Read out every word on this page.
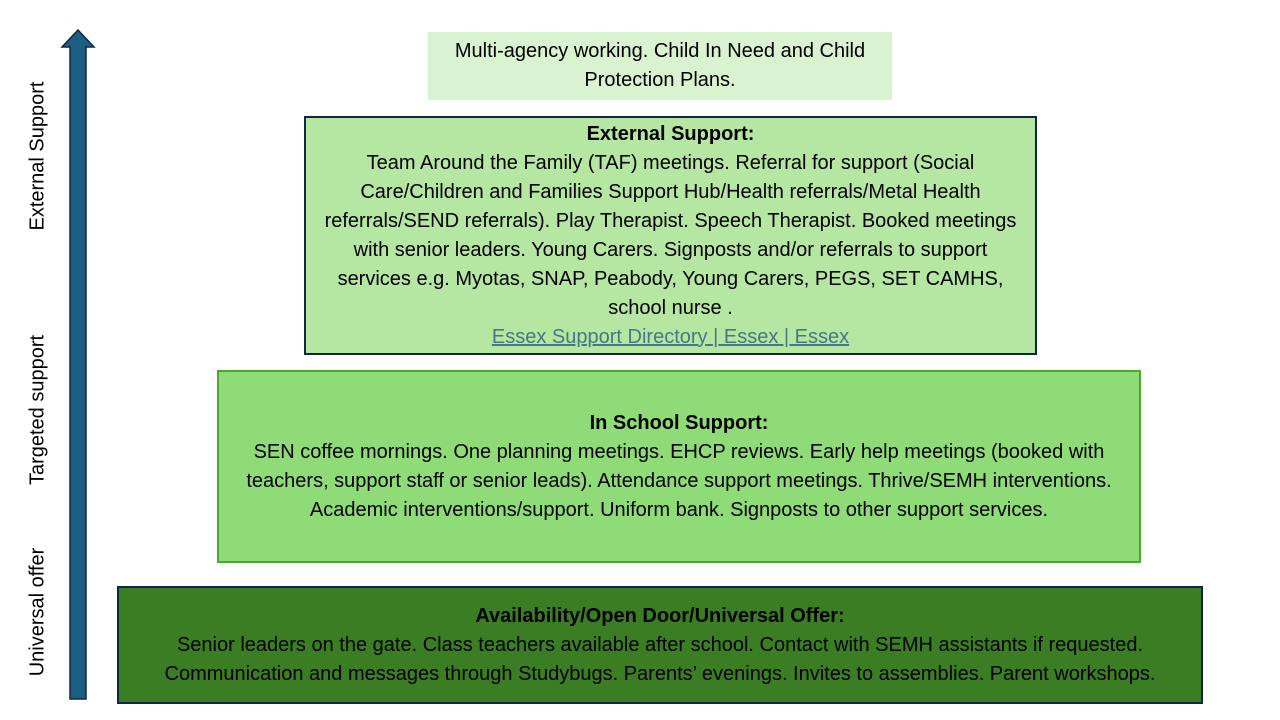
External Support
Targeted support
Universal offer
Multi-agency working. Child In Need and Child Protection Plans.
External Support:
Team Around the Family (TAF) meetings. Referral for support (Social Care/Children and Families Support Hub/Health referrals/Metal Health referrals/SEND referrals). Play Therapist. Speech Therapist. Booked meetings with senior leaders. Young Carers. Signposts and/or referrals to support services e.g. Myotas, SNAP, Peabody, Young Carers, PEGS, SET CAMHS, school nurse .
Essex Support Directory | Essex | Essex
In School Support:
SEN coffee mornings. One planning meetings. EHCP reviews. Early help meetings (booked with teachers, support staff or senior leads). Attendance support meetings. Thrive/SEMH interventions. Academic interventions/support. Uniform bank. Signposts to other support services.
Availability/Open Door/Universal Offer:
Senior leaders on the gate. Class teachers available after school. Contact with SEMH assistants if requested. Communication and messages through Studybugs. Parents’ evenings. Invites to assemblies. Parent workshops.
